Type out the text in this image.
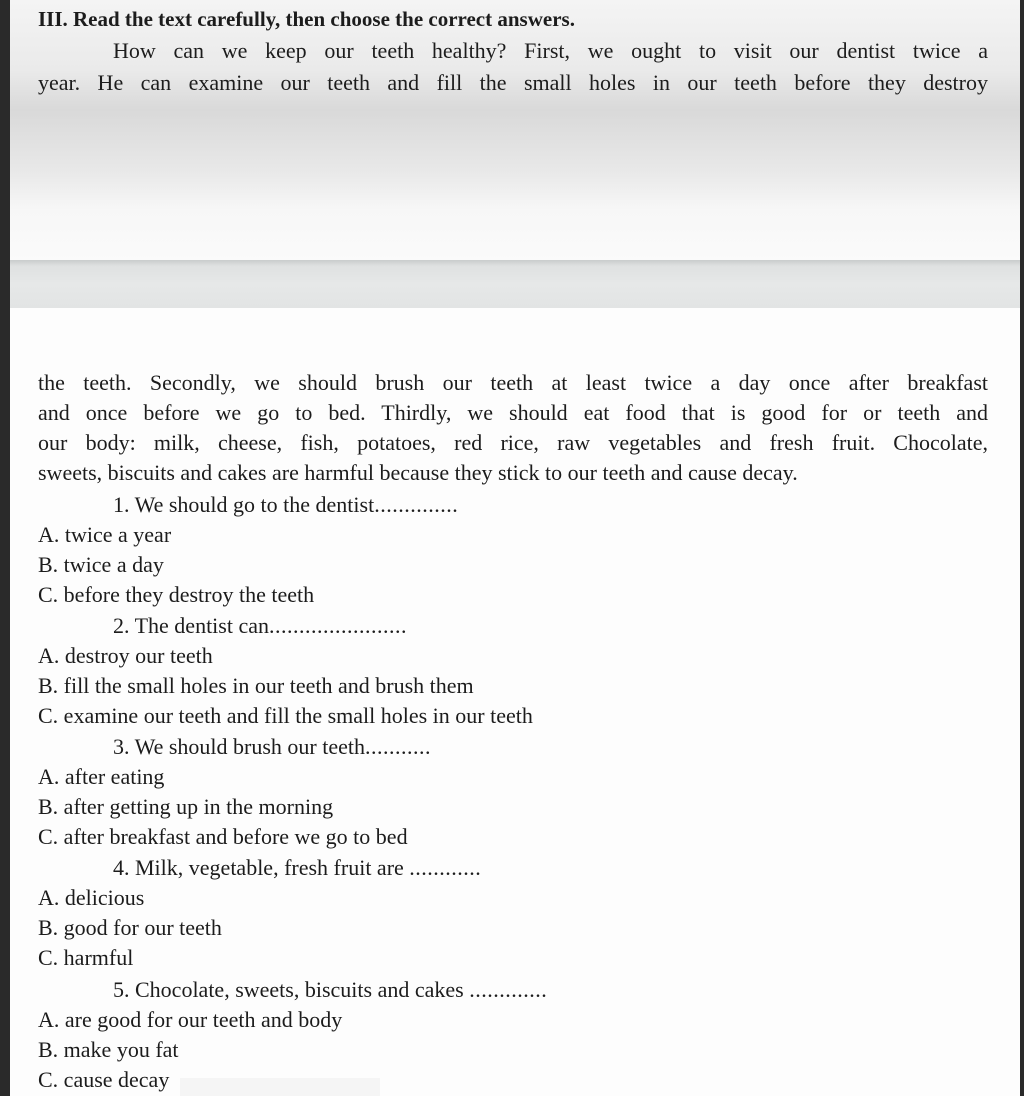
III. Read the text carefully, then choose the correct answers.
How can we keep our teeth healthy? First, we ought to visit our dentist twice a
year. He can examine our teeth and fill the small holes in our teeth before they destroy
the teeth. Secondly, we should brush our teeth at least twice a day once after breakfast
and once before we go to bed. Thirdly, we should eat food that is good for or teeth and
our body: milk, cheese, fish, potatoes, red rice, raw vegetables and fresh fruit. Chocolate,
sweets, biscuits and cakes are harmful because they stick to our teeth and cause decay.
1. We should go to the dentist..............
A. twice a year
B. twice a day
C. before they destroy the teeth
2. The dentist can.......................
A. destroy our teeth
B. fill the small holes in our teeth and brush them
C. examine our teeth and fill the small holes in our teeth
3. We should brush our teeth...........
A. after eating
B. after getting up in the morning
C. after breakfast and before we go to bed
4. Milk, vegetable, fresh fruit are ............
A. delicious
B. good for our teeth
C. harmful
5. Chocolate, sweets, biscuits and cakes .............
A. are good for our teeth and body
B. make you fat
C. cause decay
